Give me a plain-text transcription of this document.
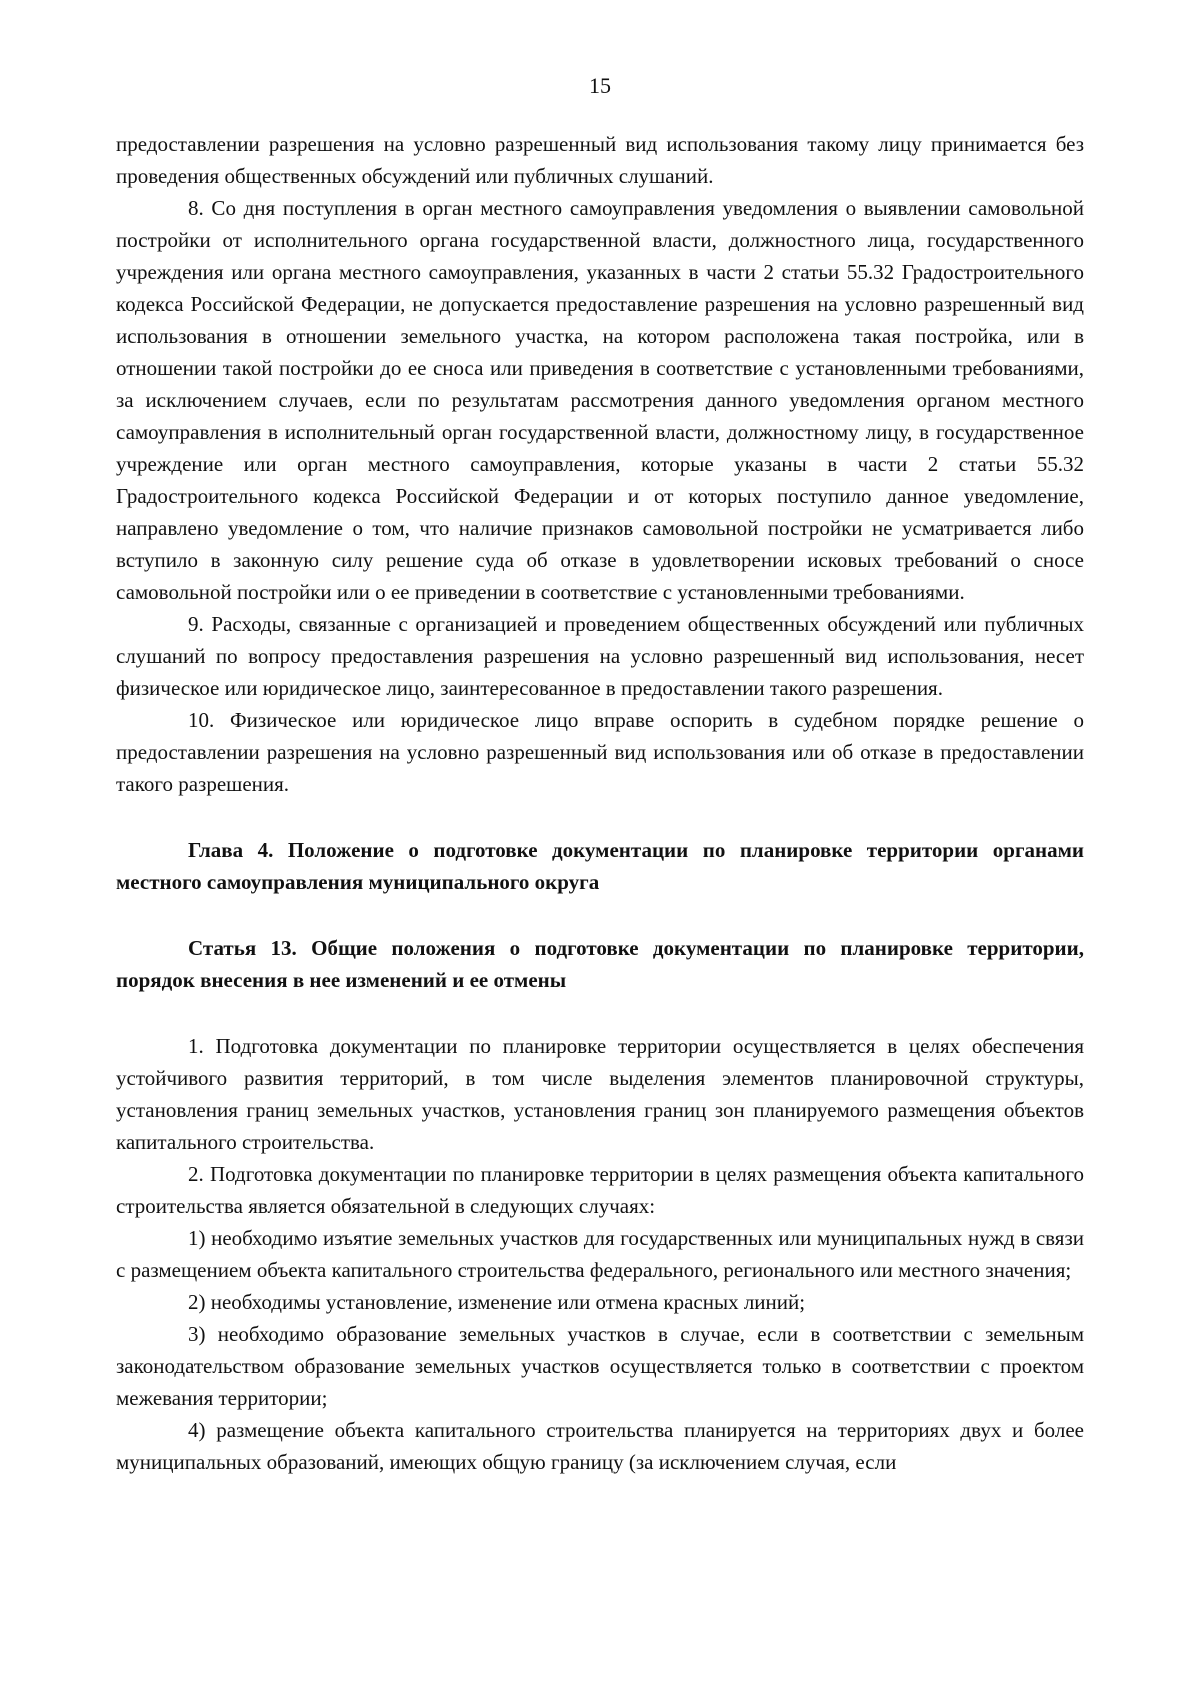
15

предоставлении разрешения на условно разрешенный вид использования такому лицу принимается без проведения общественных обсуждений или публичных слушаний.

8. Со дня поступления в орган местного самоуправления уведомления о выявлении самовольной постройки от исполнительного органа государственной власти, должностного лица, государственного учреждения или органа местного самоуправления, указанных в части 2 статьи 55.32 Градостроительного кодекса Российской Федерации, не допускается предоставление разрешения на условно разрешенный вид использования в отношении земельного участка, на котором расположена такая постройка, или в отношении такой постройки до ее сноса или приведения в соответствие с установленными требованиями, за исключением случаев, если по результатам рассмотрения данного уведомления органом местного самоуправления в исполнительный орган государственной власти, должностному лицу, в государственное учреждение или орган местного самоуправления, которые указаны в части 2 статьи 55.32 Градостроительного кодекса Российской Федерации и от которых поступило данное уведомление, направлено уведомление о том, что наличие признаков самовольной постройки не усматривается либо вступило в законную силу решение суда об отказе в удовлетворении исковых требований о сносе самовольной постройки или о ее приведении в соответствие с установленными требованиями.

9. Расходы, связанные с организацией и проведением общественных обсуждений или публичных слушаний по вопросу предоставления разрешения на условно разрешенный вид использования, несет физическое или юридическое лицо, заинтересованное в предоставлении такого разрешения.

10. Физическое или юридическое лицо вправе оспорить в судебном порядке решение о предоставлении разрешения на условно разрешенный вид использования или об отказе в предоставлении такого разрешения.

Глава 4. Положение о подготовке документации по планировке территории органами местного самоуправления муниципального округа
Статья 13. Общие положения о подготовке документации по планировке территории, порядок внесения в нее изменений и ее отмены

1. Подготовка документации по планировке территории осуществляется в целях обеспечения устойчивого развития территорий, в том числе выделения элементов планировочной структуры, установления границ земельных участков, установления границ зон планируемого размещения объектов капитального строительства.

2. Подготовка документации по планировке территории в целях размещения объекта капитального строительства является обязательной в следующих случаях:

1) необходимо изъятие земельных участков для государственных или муниципальных нужд в связи с размещением объекта капитального строительства федерального, регионального или местного значения;

2) необходимы установление, изменение или отмена красных линий;

3) необходимо образование земельных участков в случае, если в соответствии с земельным законодательством образование земельных участков осуществляется только в соответствии с проектом межевания территории;

4) размещение объекта капитального строительства планируется на территориях двух и более муниципальных образований, имеющих общую границу (за исключением случая, если
